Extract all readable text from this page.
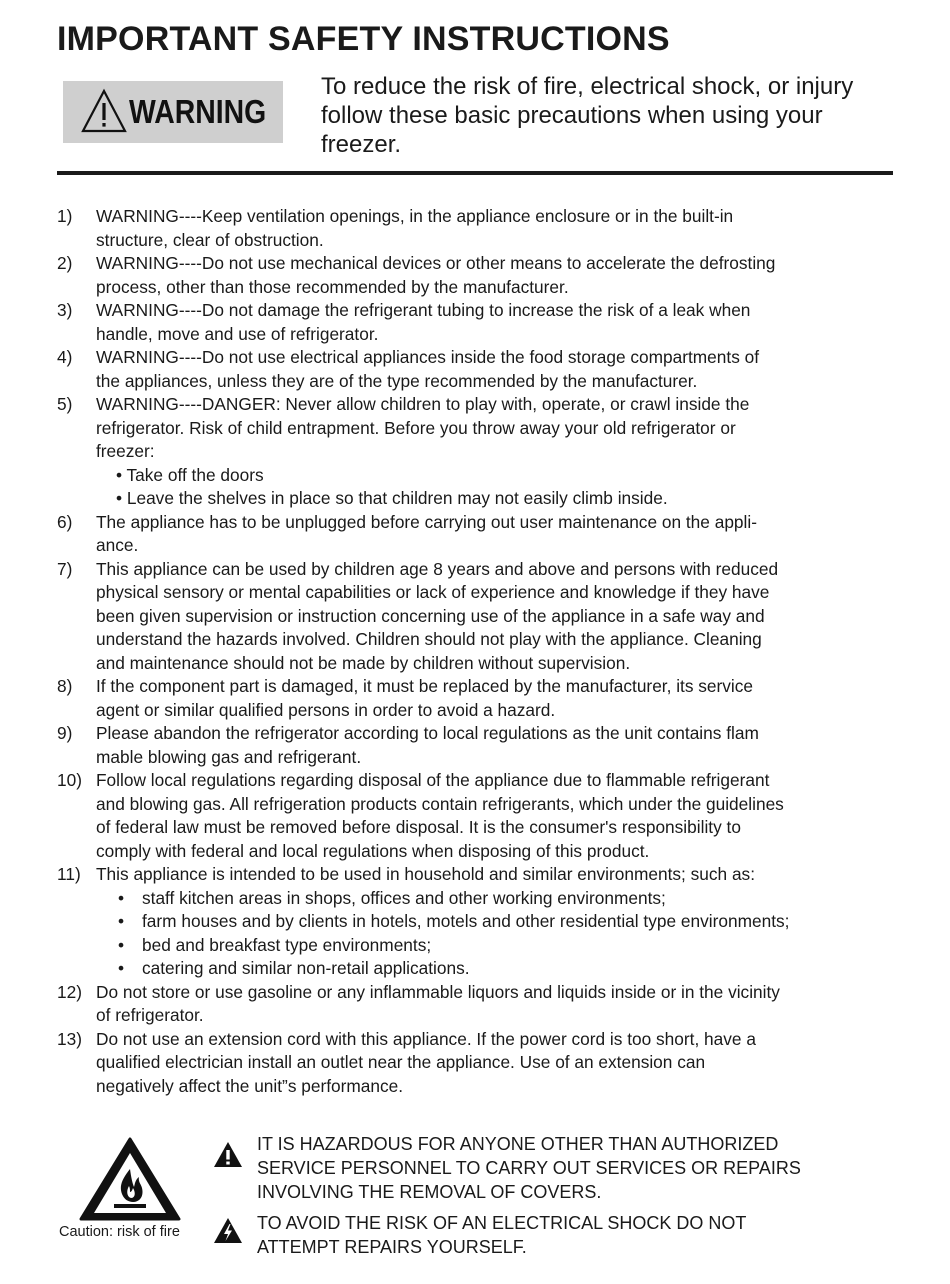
IMPORTANT SAFETY INSTRUCTIONS
WARNING
To reduce the risk of fire, electrical shock, or injury follow these basic precautions when using your freezer.
1) WARNING----Keep ventilation openings, in the appliance enclosure or in the built-in
structure, clear of obstruction.
2) WARNING----Do not use mechanical devices or other means to accelerate the defrosting
process, other than those recommended by the manufacturer.
3) WARNING----Do not damage the refrigerant tubing to increase the risk of a leak when
handle, move and use of refrigerator.
4) WARNING----Do not use electrical appliances inside the food storage compartments of
the appliances, unless they are of the type recommended by the manufacturer.
5) WARNING----DANGER: Never allow children to play with, operate, or crawl inside the
refrigerator. Risk of child entrapment. Before you throw away your old refrigerator or
freezer:
• Take off the doors
• Leave the shelves in place so that children may not easily climb inside.
6) The appliance has to be unplugged before carrying out user maintenance on the appli-
ance.
7) This appliance can be used by children age 8 years and above and persons with reduced
physical sensory or mental capabilities or lack of experience and knowledge if they have
been given supervision or instruction concerning use of the appliance in a safe way and
understand the hazards involved. Children should not play with the appliance. Cleaning
and maintenance should not be made by children without supervision.
8) If the component part is damaged, it must be replaced by the manufacturer, its service
agent or similar qualified persons in order to avoid a hazard.
9) Please abandon the refrigerator according to local regulations as the unit contains flam
mable blowing gas and refrigerant.
10) Follow local regulations regarding disposal of the appliance due to flammable refrigerant
and blowing gas. All refrigeration products contain refrigerants, which under the guidelines
of federal law must be removed before disposal. It is the consumer's responsibility to
comply with federal and local regulations when disposing of this product.
11) This appliance is intended to be used in household and similar environments; such as:
• staff kitchen areas in shops, offices and other working environments;
• farm houses and by clients in hotels, motels and other residential type environments;
• bed and breakfast type environments;
• catering and similar non-retail applications.
12) Do not store or use gasoline or any inflammable liquors and liquids inside or in the vicinity
of refrigerator.
13) Do not use an extension cord with this appliance. If the power cord is too short, have a
qualified electrician install an outlet near the appliance. Use of an extension can
negatively affect the unit”s performance.
Caution: risk of fire
IT IS HAZARDOUS FOR ANYONE OTHER THAN AUTHORIZED
SERVICE PERSONNEL TO CARRY OUT SERVICES OR REPAIRS
INVOLVING THE REMOVAL OF COVERS.
TO AVOID THE RISK OF AN ELECTRICAL SHOCK DO NOT
ATTEMPT REPAIRS YOURSELF.
